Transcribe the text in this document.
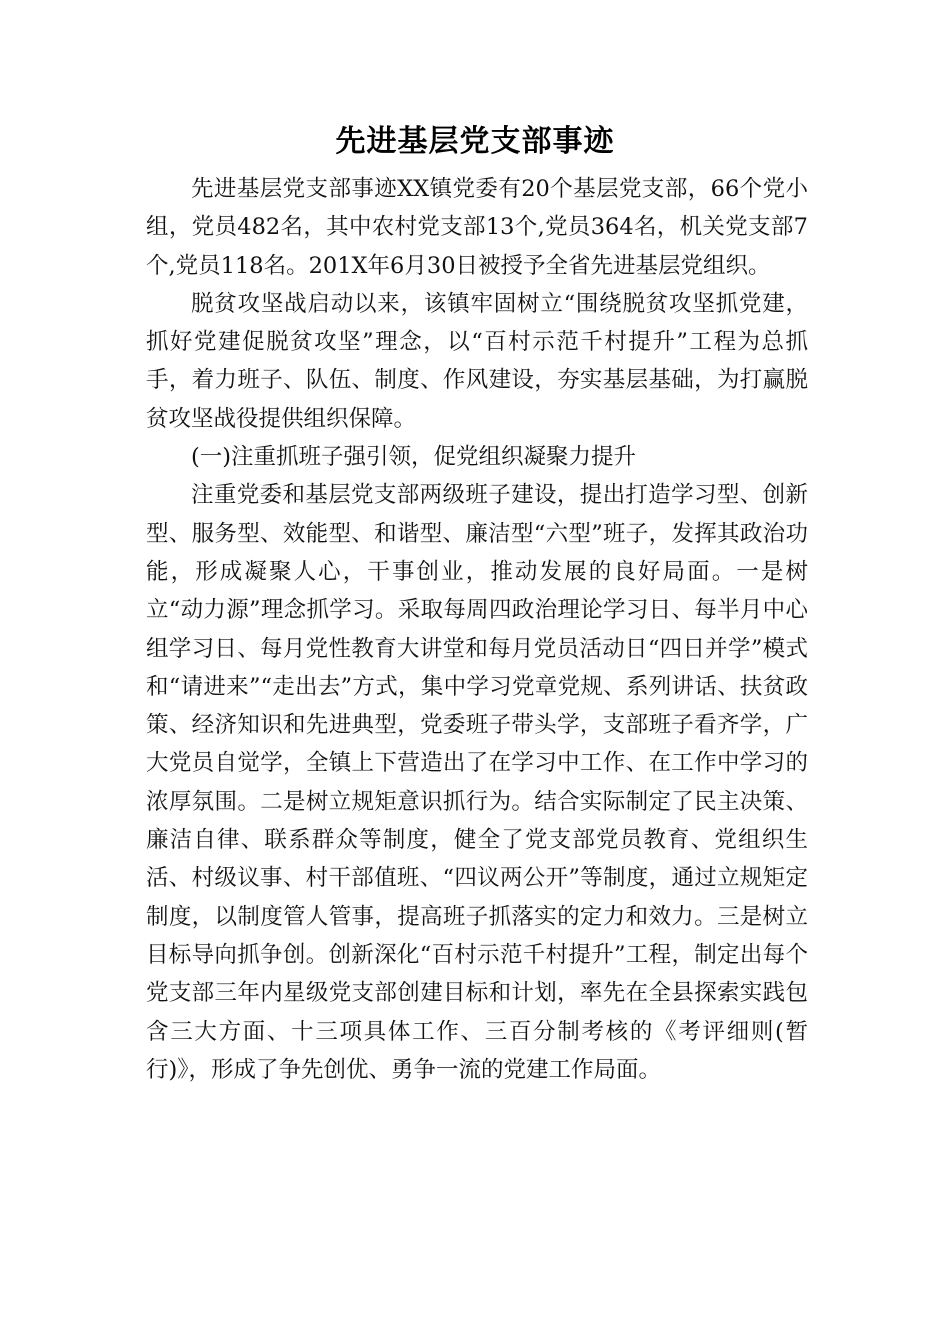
先进基层党支部事迹

先进基层党支部事迹XX镇党委有20个基层党支部，66个党小组，党员482名，其中农村党支部13个,党员364名，机关党支部7个,党员118名。201X年6月30日被授予全省先进基层党组织。

脱贫攻坚战启动以来，该镇牢固树立“围绕脱贫攻坚抓党建，抓好党建促脱贫攻坚”理念，以“百村示范千村提升”工程为总抓手，着力班子、队伍、制度、作风建设，夯实基层基础，为打赢脱贫攻坚战役提供组织保障。

(一)注重抓班子强引领，促党组织凝聚力提升

注重党委和基层党支部两级班子建设，提出打造学习型、创新型、服务型、效能型、和谐型、廉洁型“六型”班子，发挥其政治功能，形成凝聚人心，干事创业，推动发展的良好局面。一是树立“动力源”理念抓学习。采取每周四政治理论学习日、每半月中心组学习日、每月党性教育大讲堂和每月党员活动日“四日并学”模式和“请进来”“走出去”方式，集中学习党章党规、系列讲话、扶贫政策、经济知识和先进典型，党委班子带头学，支部班子看齐学，广大党员自觉学，全镇上下营造出了在学习中工作、在工作中学习的浓厚氛围。二是树立规矩意识抓行为。结合实际制定了民主决策、廉洁自律、联系群众等制度，健全了党支部党员教育、党组织生活、村级议事、村干部值班、“四议两公开”等制度，通过立规矩定制度，以制度管人管事，提高班子抓落实的定力和效力。三是树立目标导向抓争创。创新深化“百村示范千村提升”工程，制定出每个党支部三年内星级党支部创建目标和计划，率先在全县探索实践包含三大方面、十三项具体工作、三百分制考核的《考评细则(暂行)》，形成了争先创优、勇争一流的党建工作局面。
